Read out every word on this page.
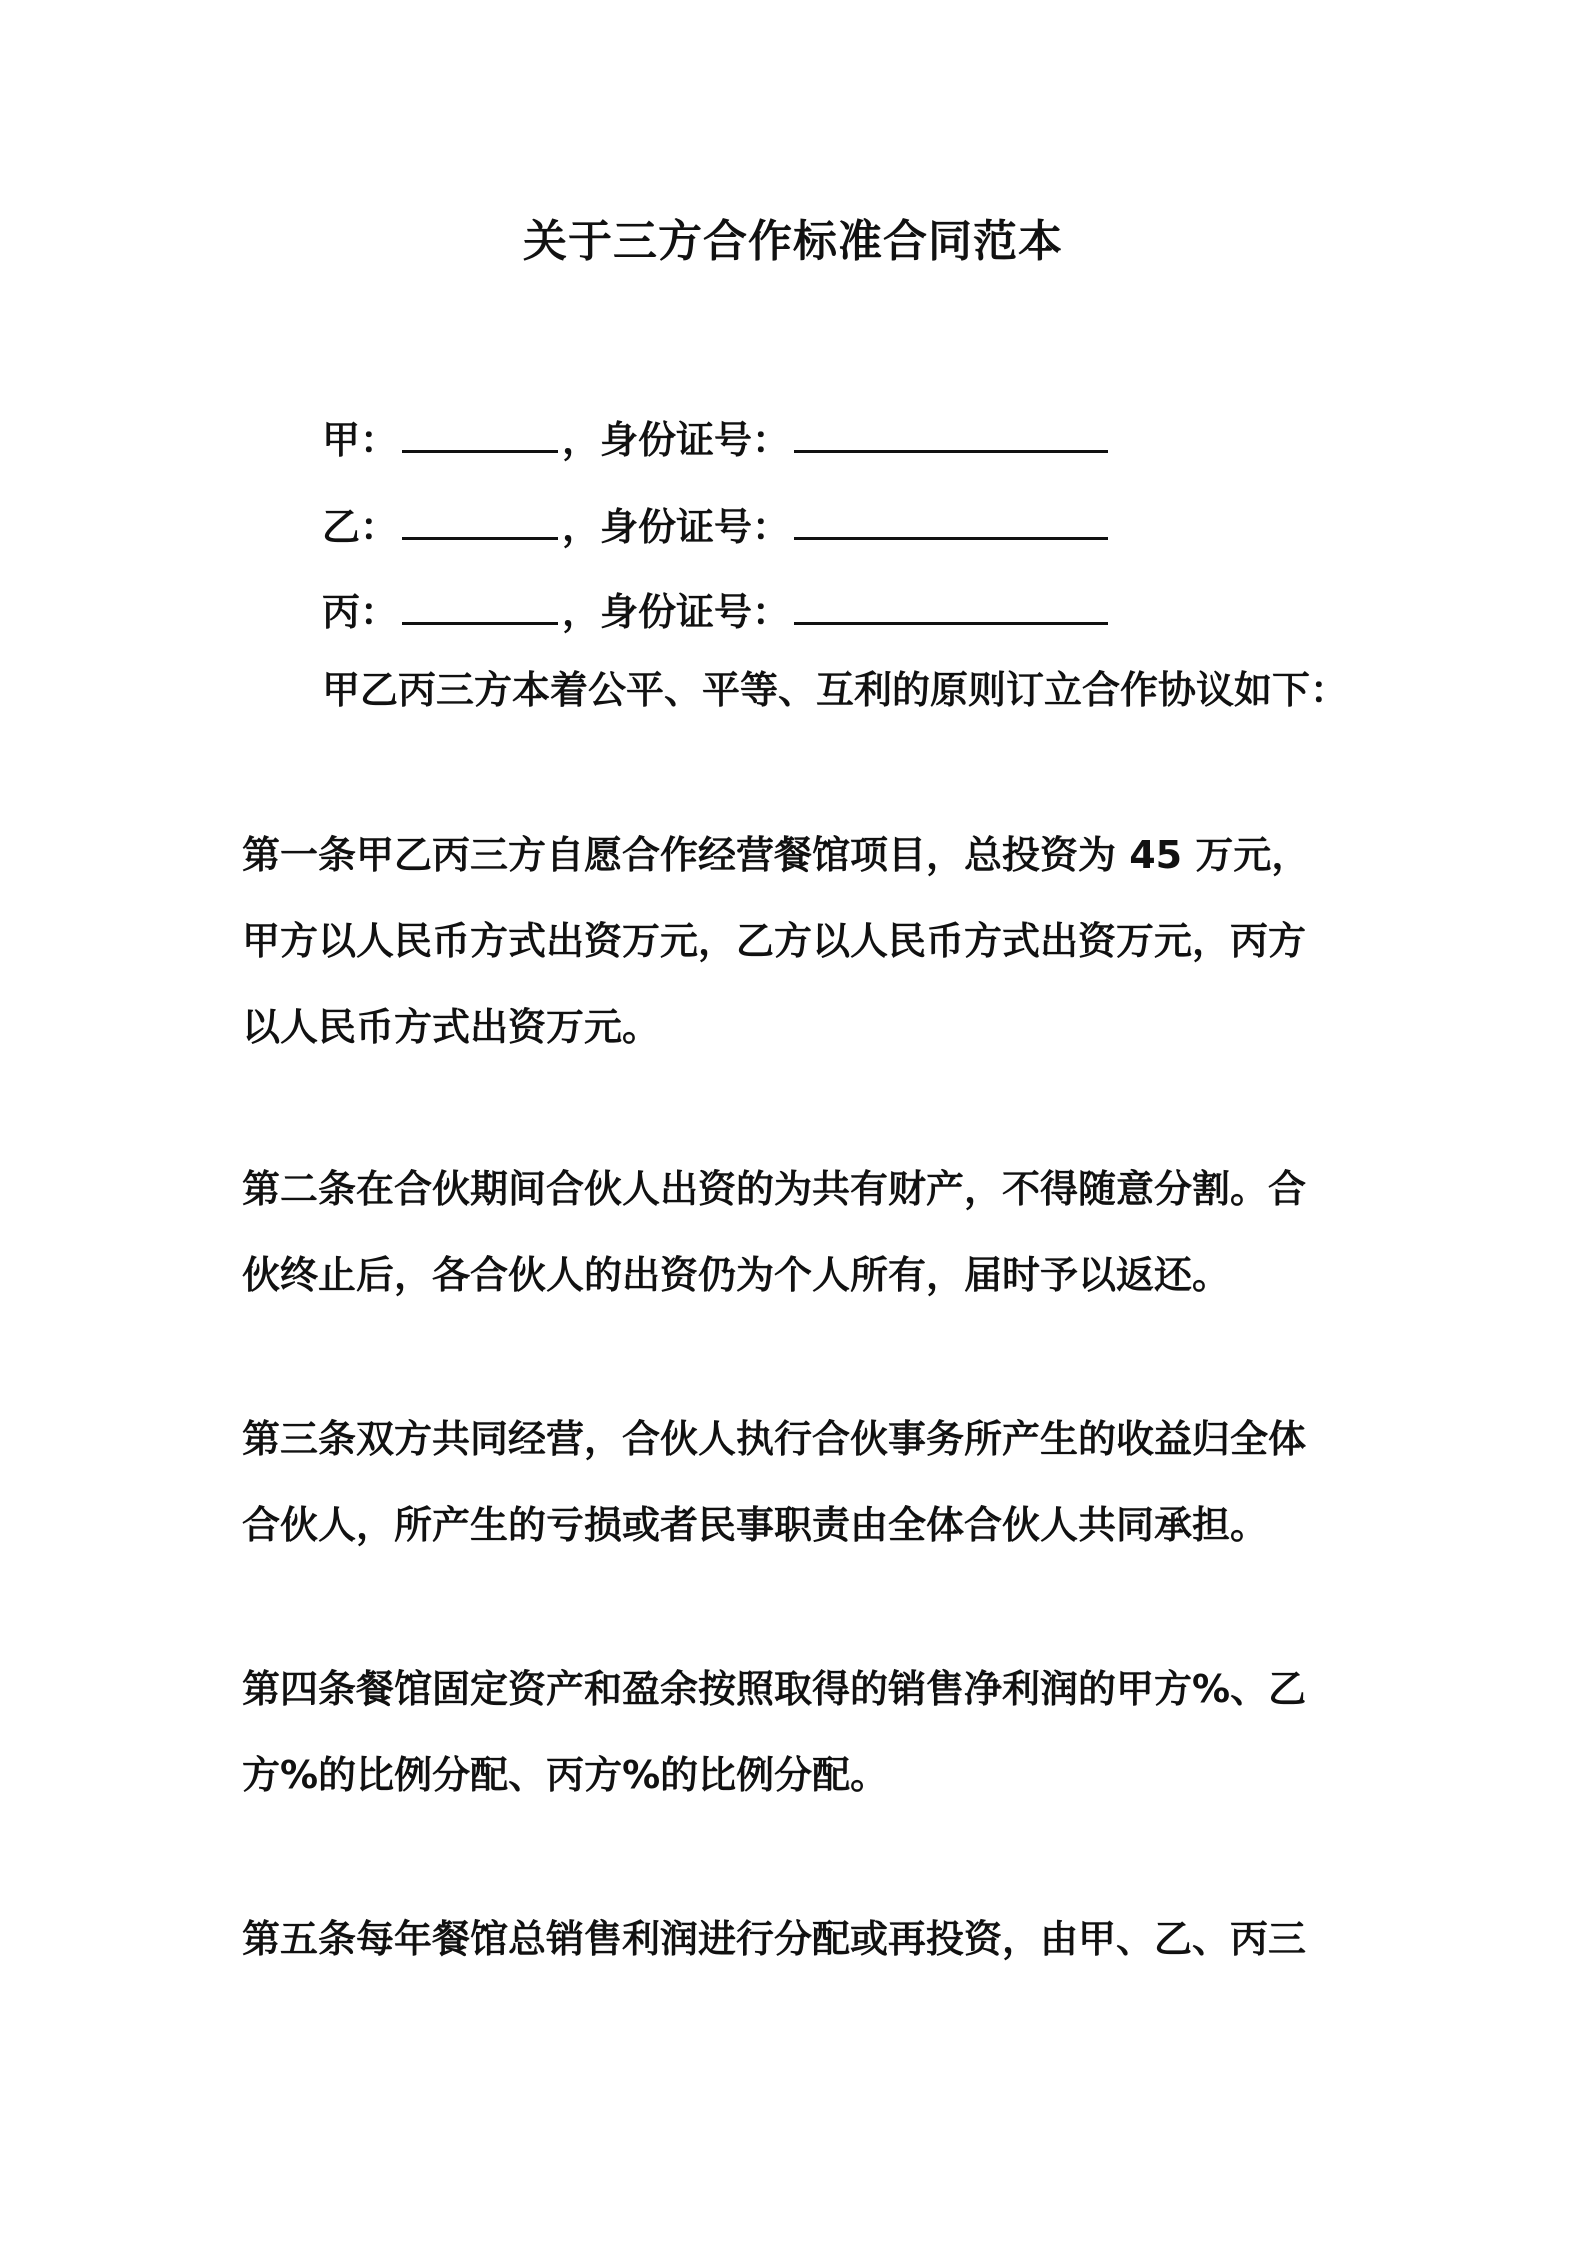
关于三方合作标准合同范本
甲：	，身份证号：
乙：	，身份证号：
丙：	，身份证号：
甲乙丙三方本着公平、平等、互利的原则订立合作协议如下：
第一条甲乙丙三方自愿合作经营餐馆项目，总投资为 45 万元，
甲方以人民币方式出资万元，乙方以人民币方式出资万元，丙方
以人民币方式出资万元。
第二条在合伙期间合伙人出资的为共有财产，不得随意分割。合
伙终止后，各合伙人的出资仍为个人所有，届时予以返还。
第三条双方共同经营，合伙人执行合伙事务所产生的收益归全体
合伙人，所产生的亏损或者民事职责由全体合伙人共同承担。
第四条餐馆固定资产和盈余按照取得的销售净利润的甲方%、乙
方%的比例分配、丙方%的比例分配。
第五条每年餐馆总销售利润进行分配或再投资，由甲、乙、丙三
